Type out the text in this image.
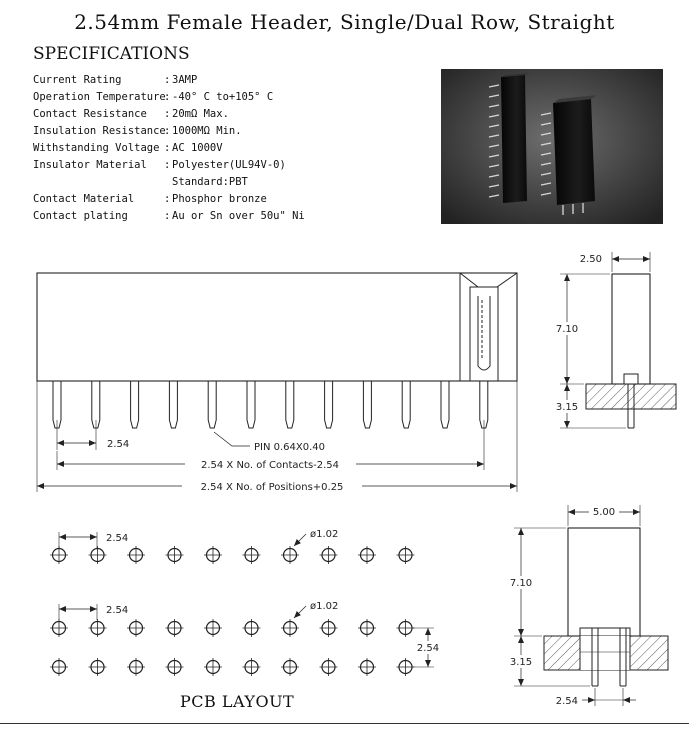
2.54mm Female Header, Single/Dual Row, Straight
SPECIFICATIONS
Current Rating	: 3AMP
Operation Temperature
: -40° C to+105° C
Contact Resistance	: 20mΩ Max.
Insulation Resistance
: 1000MΩ Min.
Withstanding Voltage : AC 1000V
Insulator Material	: Polyester(UL94V-0)

Standard:PBT
Contact Material	: Phosphor bronze
Contact plating	: Au or Sn over 50u" Ni
2.54	PIN 0.64X0.40
2.54 X No. of Contacts-2.54
2.54 X No. of Positions+0.25
2.50
7.10
3.15
2.54	ø1.02
2.54	ø1.02
2.54
5.00
7.10
3.15
2.54
PCB LAYOUT
